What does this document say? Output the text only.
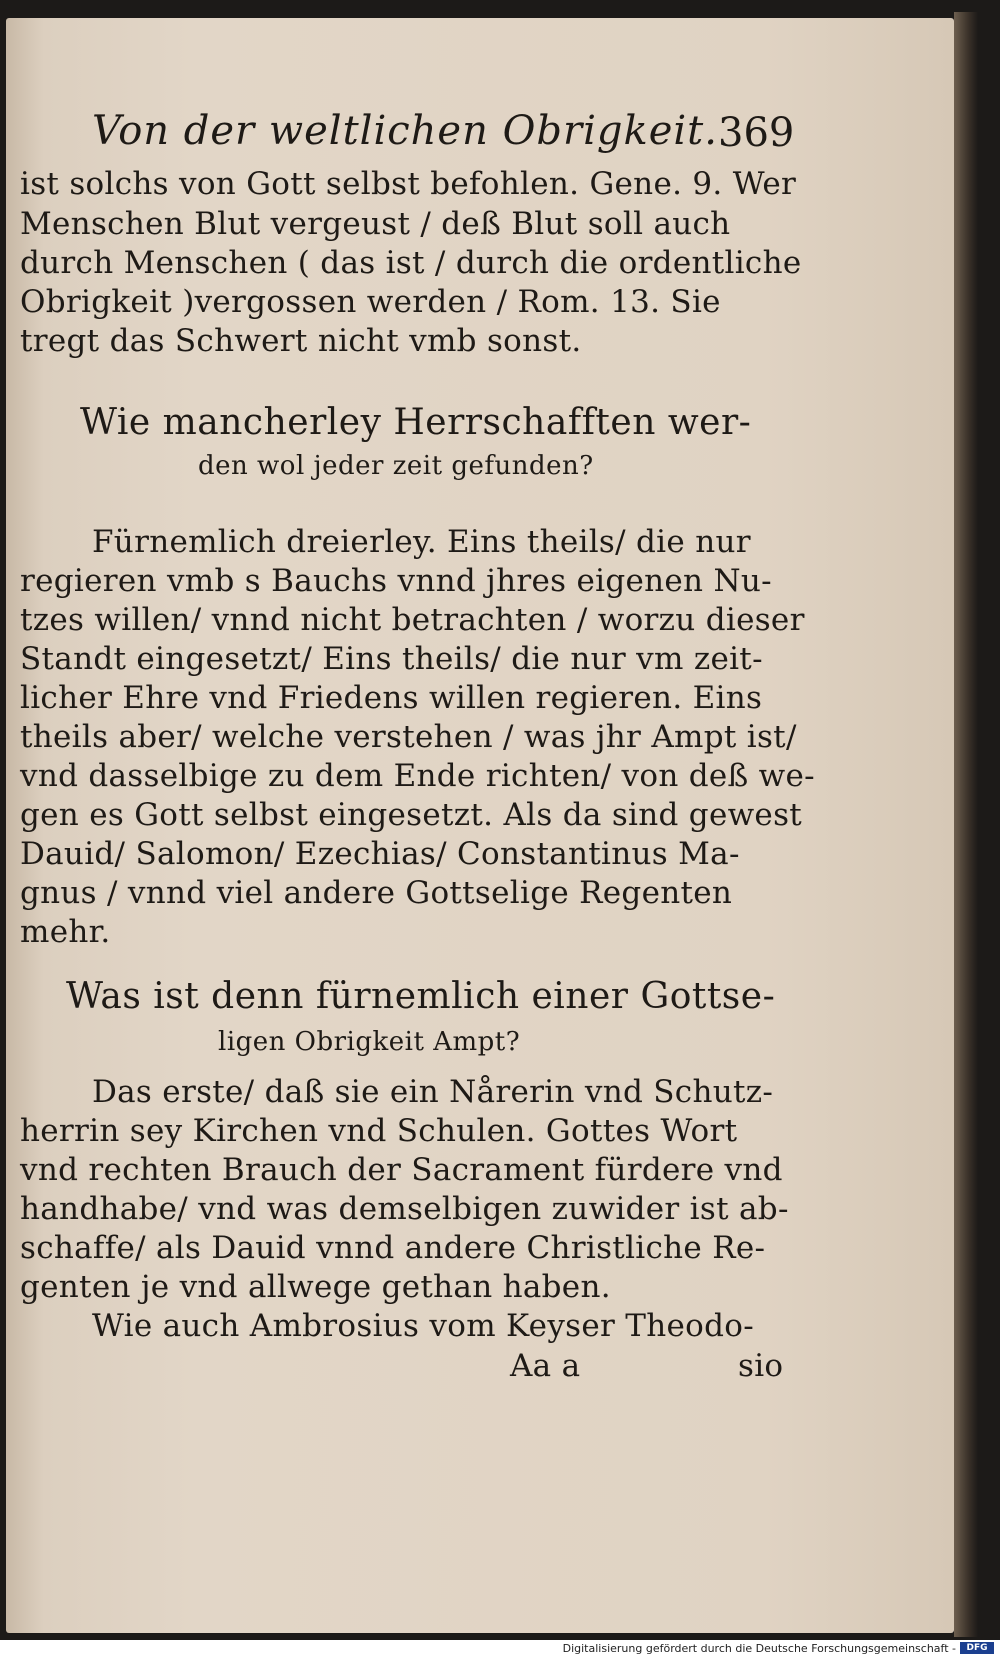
Von der weltlichen Obrigkeit. 369
ist solchs von Gott selbst befohlen. Gene. 9. Wer
Menschen Blut vergeust / deß Blut soll auch
durch Menschen ( das ist / durch die ordentliche
Obrigkeit )vergossen werden / Rom. 13. Sie
tregt das Schwert nicht vmb sonst.
Wie mancherley Herrschafften wer-
den wol jeder zeit gefunden?
Fürnemlich dreierley. Eins theils/ die nur
regieren vmb s Bauchs vnnd jhres eigenen Nu-
tzes willen/ vnnd nicht betrachten / worzu dieser
Standt eingesetzt/ Eins theils/ die nur vm zeit-
licher Ehre vnd Friedens willen regieren. Eins
theils aber/ welche verstehen / was jhr Ampt ist/
vnd dasselbige zu dem Ende richten/ von deß we-
gen es Gott selbst eingesetzt. Als da sind gewest
Dauid/ Salomon/ Ezechias/ Constantinus Ma-
gnus / vnnd viel andere Gottselige Regenten
mehr.
Was ist denn fürnemlich einer Gottse-
ligen Obrigkeit Ampt?
Das erste/ daß sie ein Nårerin vnd Schutz-
herrin sey Kirchen vnd Schulen. Gottes Wort
vnd rechten Brauch der Sacrament fürdere vnd
handhabe/ vnd was demselbigen zuwider ist ab-
schaffe/ als Dauid vnnd andere Christliche Re-
genten je vnd allwege gethan haben.
Wie auch Ambrosius vom Keyser Theodo-
Aa a	sio
Digitalisierung gefördert durch die Deutsche Forschungsgemeinschaft -	DFG
